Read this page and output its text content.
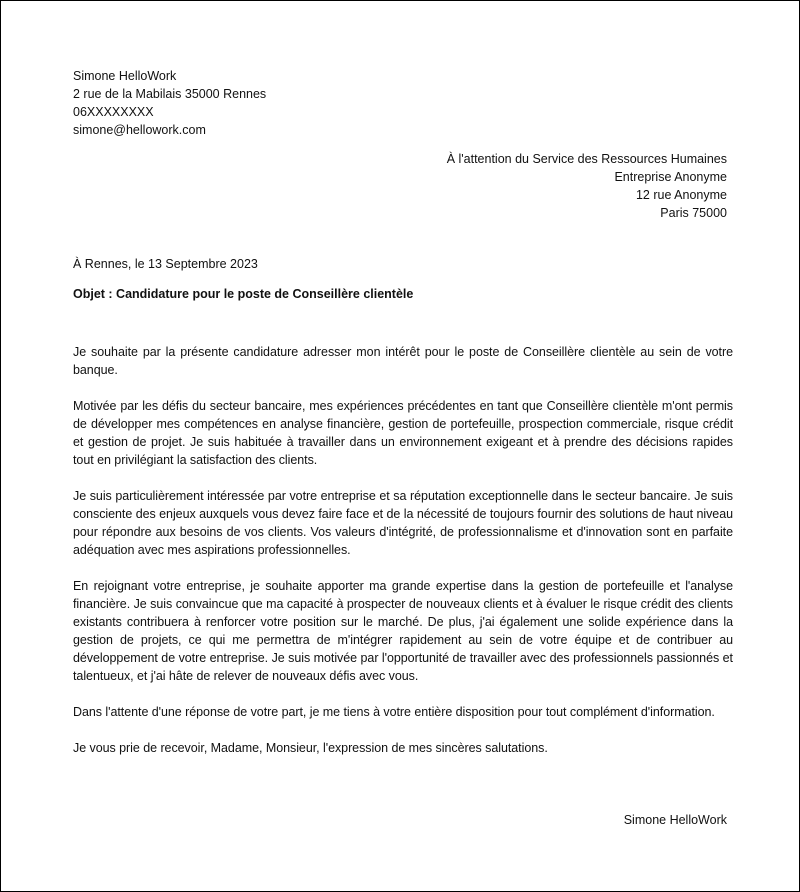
Simone HelloWork
2 rue de la Mabilais 35000 Rennes
06XXXXXXXX
simone@hellowork.com
À l'attention du Service des Ressources Humaines
Entreprise Anonyme
12 rue Anonyme
Paris 75000
À Rennes, le 13 Septembre 2023
Objet : Candidature pour le poste de Conseillère clientèle

Je souhaite par la présente candidature adresser mon intérêt pour le poste de Conseillère clientèle au sein de votre banque.

Motivée par les défis du secteur bancaire, mes expériences précédentes en tant que Conseillère clientèle m'ont permis de développer mes compétences en analyse financière, gestion de portefeuille, prospection commerciale, risque crédit et gestion de projet. Je suis habituée à travailler dans un environnement exigeant et à prendre des décisions rapides tout en privilégiant la satisfaction des clients.

Je suis particulièrement intéressée par votre entreprise et sa réputation exceptionnelle dans le secteur bancaire. Je suis consciente des enjeux auxquels vous devez faire face et de la nécessité de toujours fournir des solutions de haut niveau pour répondre aux besoins de vos clients. Vos valeurs d'intégrité, de professionnalisme et d'innovation sont en parfaite adéquation avec mes aspirations professionnelles.

En rejoignant votre entreprise, je souhaite apporter ma grande expertise dans la gestion de portefeuille et l'analyse financière. Je suis convaincue que ma capacité à prospecter de nouveaux clients et à évaluer le risque crédit des clients existants contribuera à renforcer votre position sur le marché. De plus, j'ai également une solide expérience dans la gestion de projets, ce qui me permettra de m'intégrer rapidement au sein de votre équipe et de contribuer au développement de votre entreprise. Je suis motivée par l'opportunité de travailler avec des professionnels passionnés et talentueux, et j'ai hâte de relever de nouveaux défis avec vous.

Dans l'attente d'une réponse de votre part, je me tiens à votre entière disposition pour tout complément d'information.

Je vous prie de recevoir, Madame, Monsieur, l'expression de mes sincères salutations.

Simone HelloWork
